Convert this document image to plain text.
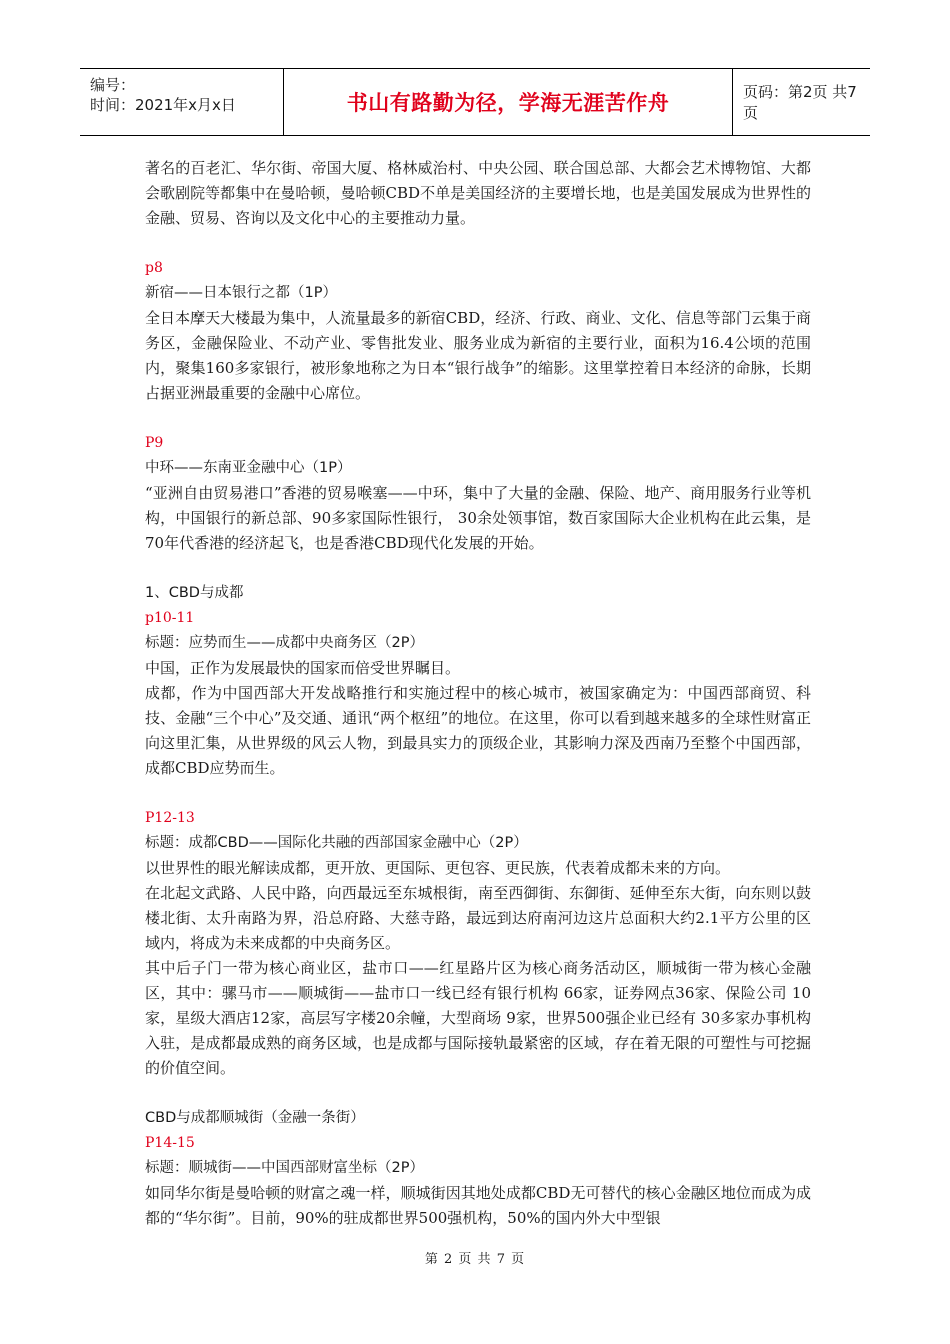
编号：
时间：2021年x月x日	书山有路勤为径，学海无涯苦作舟	页码：第2页 共7页
著名的百老汇、华尔街、帝国大厦、格林威治村、中央公园、联合国总部、大都会艺术博物馆、大都会歌剧院等都集中在曼哈顿，曼哈顿CBD不单是美国经济的主要增长地，也是美国发展成为世界性的金融、贸易、咨询以及文化中心的主要推动力量。
p8
新宿——日本银行之都（1P）
全日本摩天大楼最为集中，人流量最多的新宿CBD，经济、行政、商业、文化、信息等部门云集于商务区，金融保险业、不动产业、零售批发业、服务业成为新宿的主要行业，面积为16.4公顷的范围内，聚集160多家银行，被形象地称之为日本“银行战争”的缩影。这里掌控着日本经济的命脉，长期占据亚洲最重要的金融中心席位。
P9
中环——东南亚金融中心（1P）
“亚洲自由贸易港口”香港的贸易喉塞——中环，集中了大量的金融、保险、地产、商用服务行业等机构，中国银行的新总部、90多家国际性银行， 30余处领事馆，数百家国际大企业机构在此云集，是70年代香港的经济起飞，也是香港CBD现代化发展的开始。
1、CBD与成都
p10-11
标题：应势而生——成都中央商务区（2P）
中国，正作为发展最快的国家而倍受世界瞩目。
成都，作为中国西部大开发战略推行和实施过程中的核心城市，被国家确定为：中国西部商贸、科技、金融“三个中心”及交通、通讯“两个枢纽”的地位。在这里，你可以看到越来越多的全球性财富正向这里汇集，从世界级的风云人物，到最具实力的顶级企业，其影响力深及西南乃至整个中国西部，成都CBD应势而生。
P12-13
标题：成都CBD——国际化共融的西部国家金融中心（2P）
以世界性的眼光解读成都，更开放、更国际、更包容、更民族，代表着成都未来的方向。
在北起文武路、人民中路，向西最远至东城根街，南至西御街、东御街、延伸至东大街，向东则以鼓楼北街、太升南路为界，沿总府路、大慈寺路，最远到达府南河边这片总面积大约2.1平方公里的区域内，将成为未来成都的中央商务区。
其中后子门一带为核心商业区，盐市口——红星路片区为核心商务活动区，顺城街一带为核心金融区，其中：骡马市——顺城街——盐市口一线已经有银行机构 66家，证券网点36家、保险公司 10家，星级大酒店12家，高层写字楼20余幢，大型商场 9家，世界500强企业已经有 30多家办事机构入驻，是成都最成熟的商务区域，也是成都与国际接轨最紧密的区域，存在着无限的可塑性与可挖掘的价值空间。
CBD与成都顺城街（金融一条街）
P14-15
标题：顺城街——中国西部财富坐标（2P）
如同华尔街是曼哈顿的财富之魂一样，顺城街因其地处成都CBD无可替代的核心金融区地位而成为成都的“华尔街”。目前，90%的驻成都世界500强机构，50%的国内外大中型银
第 2 页 共 7 页
